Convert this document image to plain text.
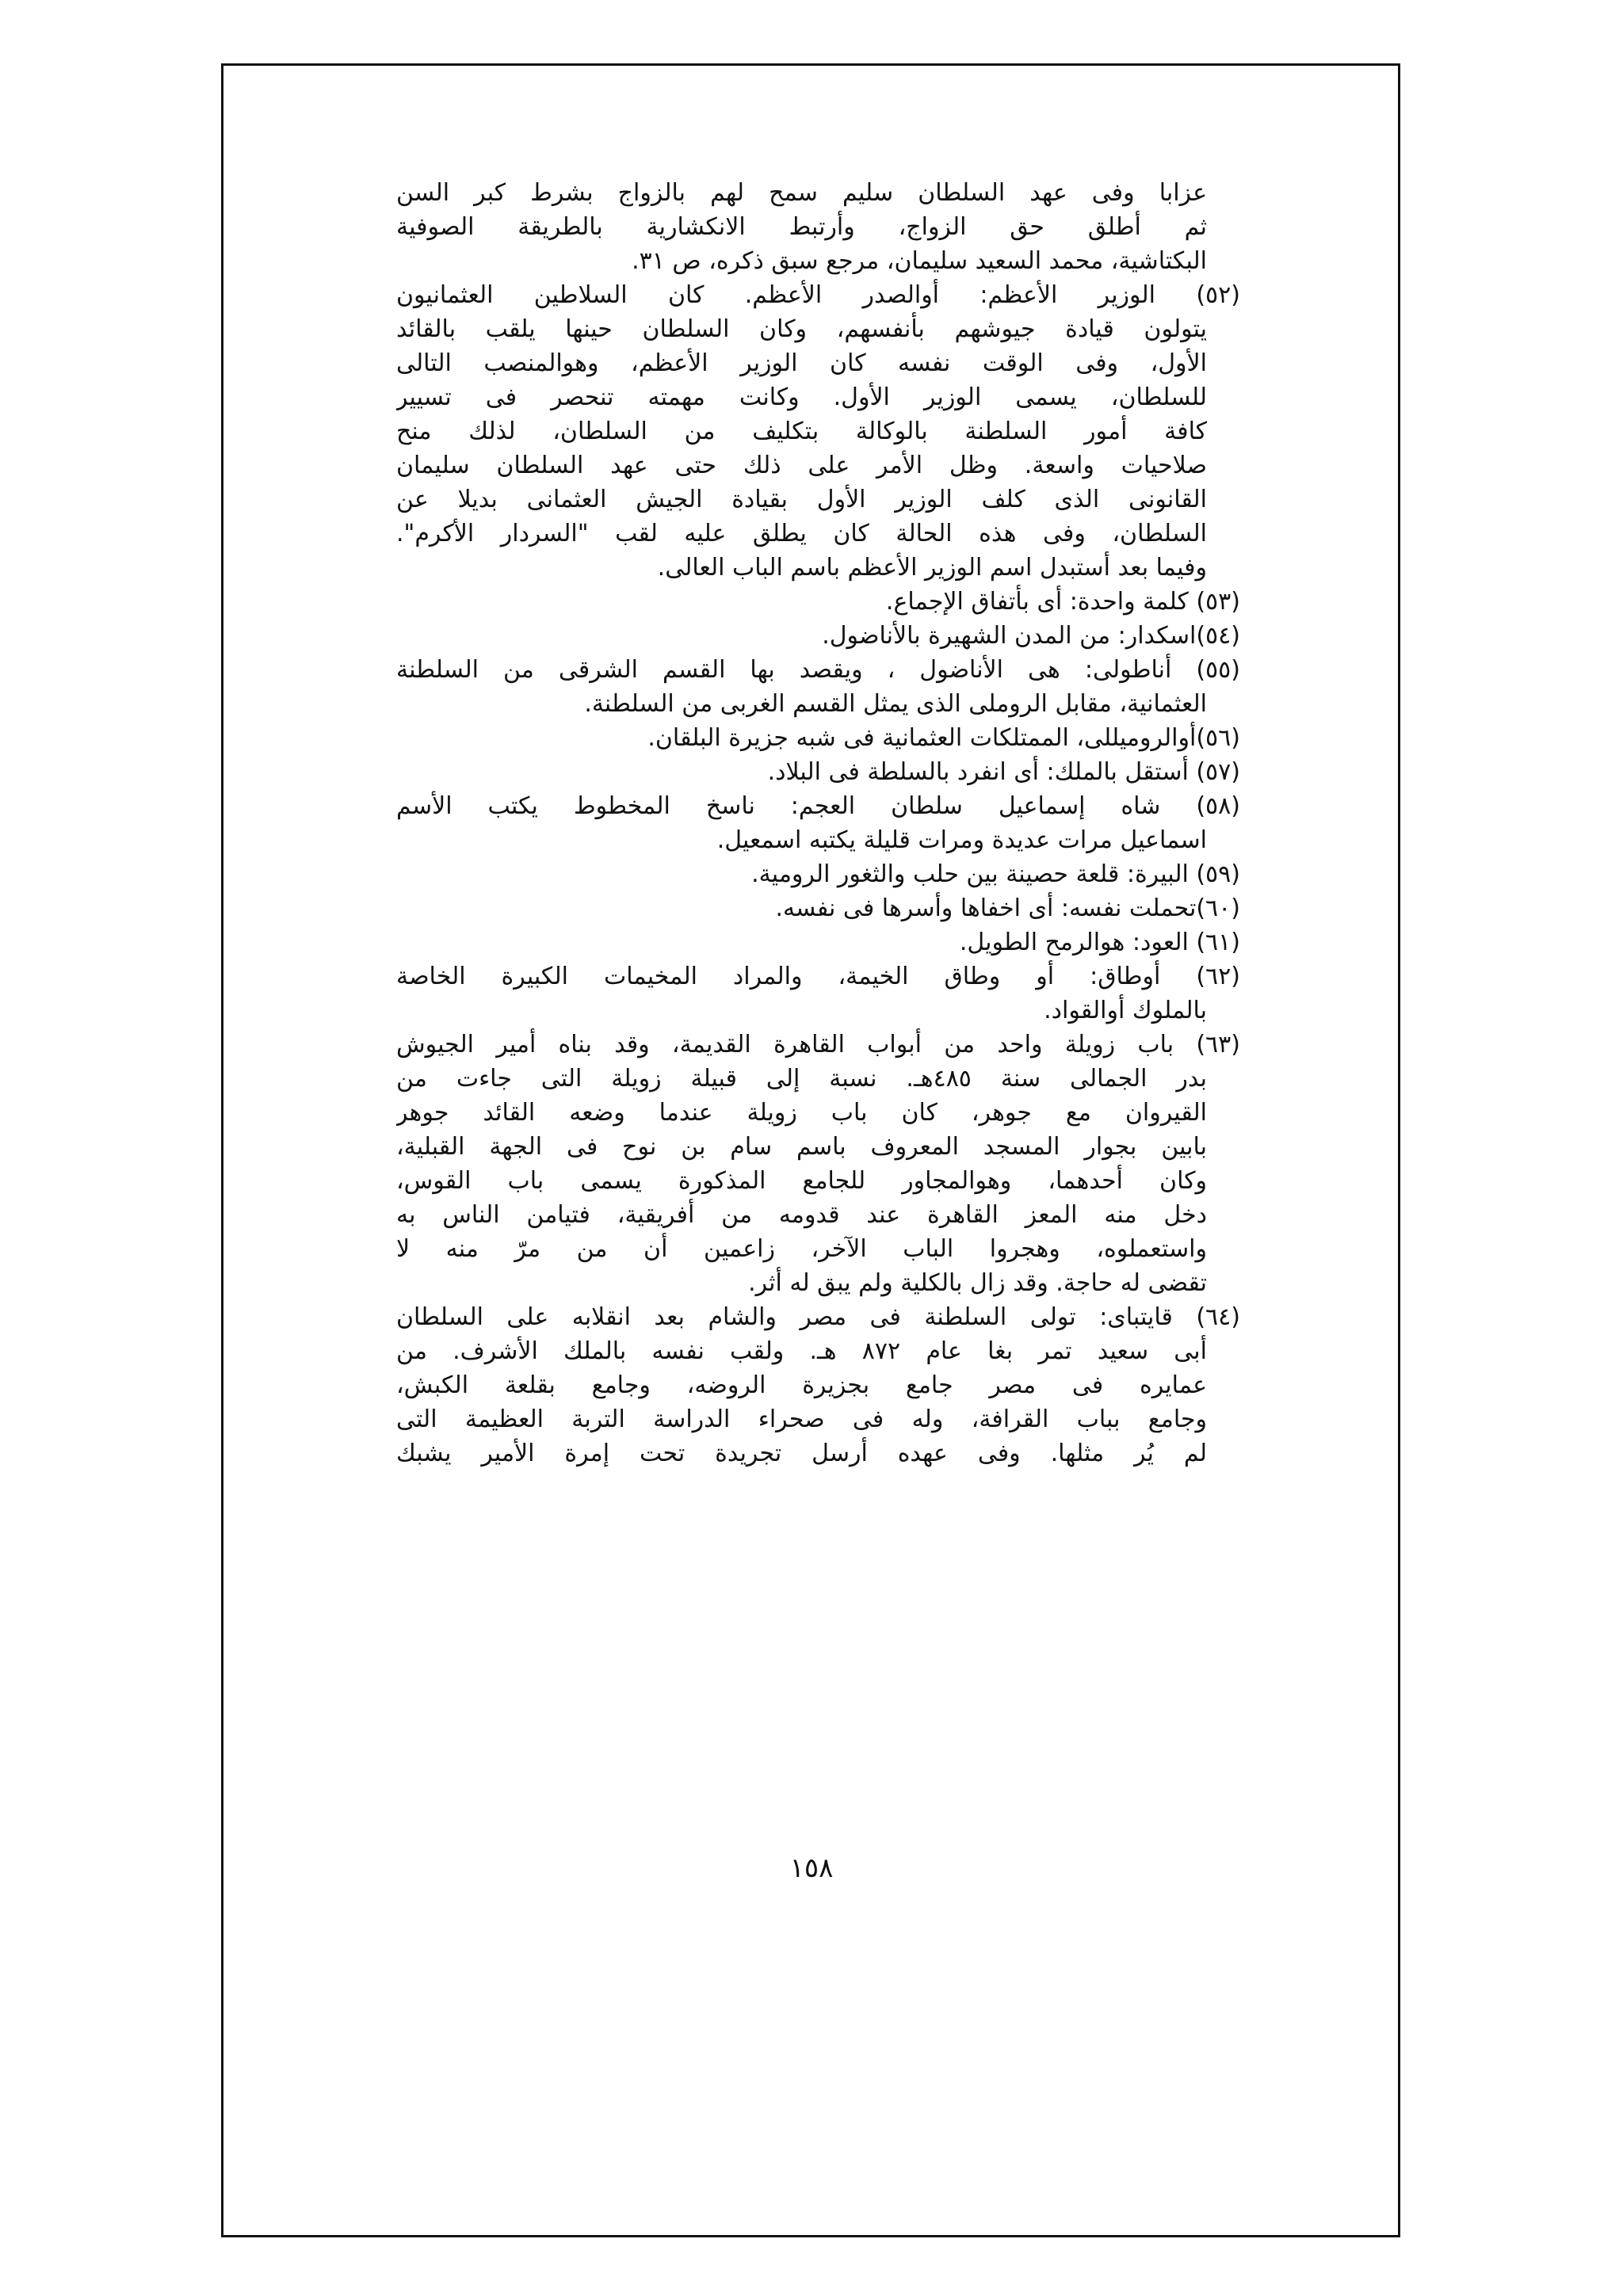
عزابا وفى عهد السلطان سليم سمح لهم بالزواج بشرط كبر السن
ثم أطلق حق الزواج، وأرتبط الانكشارية بالطريقة الصوفية
البكتاشية، محمد السعيد سليمان، مرجع سبق ذكره، ص ٣١.
(٥٢) الوزير الأعظم: أوالصدر الأعظم. كان السلاطين العثمانيون
يتولون قيادة جيوشهم بأنفسهم، وكان السلطان حينها يلقب بالقائد
الأول، وفى الوقت نفسه كان الوزير الأعظم، وهوالمنصب التالى
للسلطان، يسمى الوزير الأول. وكانت مهمته تنحصر فى تسيير
كافة أمور السلطنة بالوكالة بتكليف من السلطان، لذلك منح
صلاحيات واسعة. وظل الأمر على ذلك حتى عهد السلطان سليمان
القانونى الذى كلف الوزير الأول بقيادة الجيش العثمانى بديلا عن
السلطان، وفى هذه الحالة كان يطلق عليه لقب "السردار الأكرم".
وفيما بعد أستبدل اسم الوزير الأعظم باسم الباب العالى.
(٥٣) كلمة واحدة: أى بأتفاق الإجماع.
(٥٤)اسكدار: من المدن الشهيرة بالأناضول.
(٥٥) أناطولى: هى الأناضول ، ويقصد بها القسم الشرقى من السلطنة
العثمانية، مقابل الروملى الذى يمثل القسم الغربى من السلطنة.
(٥٦)أوالروميللى، الممتلكات العثمانية فى شبه جزيرة البلقان.
(٥٧) أستقل بالملك: أى انفرد بالسلطة فى البلاد.
(٥٨) شاه إسماعيل سلطان العجم: ناسخ المخطوط يكتب الأسم
اسماعيل مرات عديدة ومرات قليلة يكتبه اسمعيل.
(٥٩) البيرة: قلعة حصينة بين حلب والثغور الرومية.
(٦٠)تحملت نفسه: أى اخفاها وأسرها فى نفسه.
(٦١) العود: هوالرمح الطويل.
(٦٢) أوطاق: أو وطاق الخيمة، والمراد المخيمات الكبيرة الخاصة
بالملوك أوالقواد.
(٦٣) باب زويلة واحد من أبواب القاهرة القديمة، وقد بناه أمير الجيوش
بدر الجمالى سنة ٤٨٥هـ. نسبة إلى قبيلة زويلة التى جاءت من
القيروان مع جوهر، كان باب زويلة عندما وضعه القائد جوهر
بابين بجوار المسجد المعروف باسم سام بن نوح فى الجهة القبلية،
وكان أحدهما، وهوالمجاور للجامع المذكورة يسمى باب القوس،
دخل منه المعز القاهرة عند قدومه من أفريقية، فتيامن الناس به
واستعملوه، وهجروا الباب الآخر، زاعمين أن من مرّ منه لا
تقضى له حاجة. وقد زال بالكلية ولم يبق له أثر.
(٦٤) قايتباى: تولى السلطنة فى مصر والشام بعد انقلابه على السلطان
أبى سعيد تمر بغا عام ٨٧٢ هـ. ولقب نفسه بالملك الأشرف. من
عمايره فى مصر جامع بجزيرة الروضه، وجامع بقلعة الكبش،
وجامع بباب القرافة، وله فى صحراء الدراسة التربة العظيمة التى
لم يُر مثلها. وفى عهده أرسل تجريدة تحت إمرة الأمير يشبك
١٥٨
